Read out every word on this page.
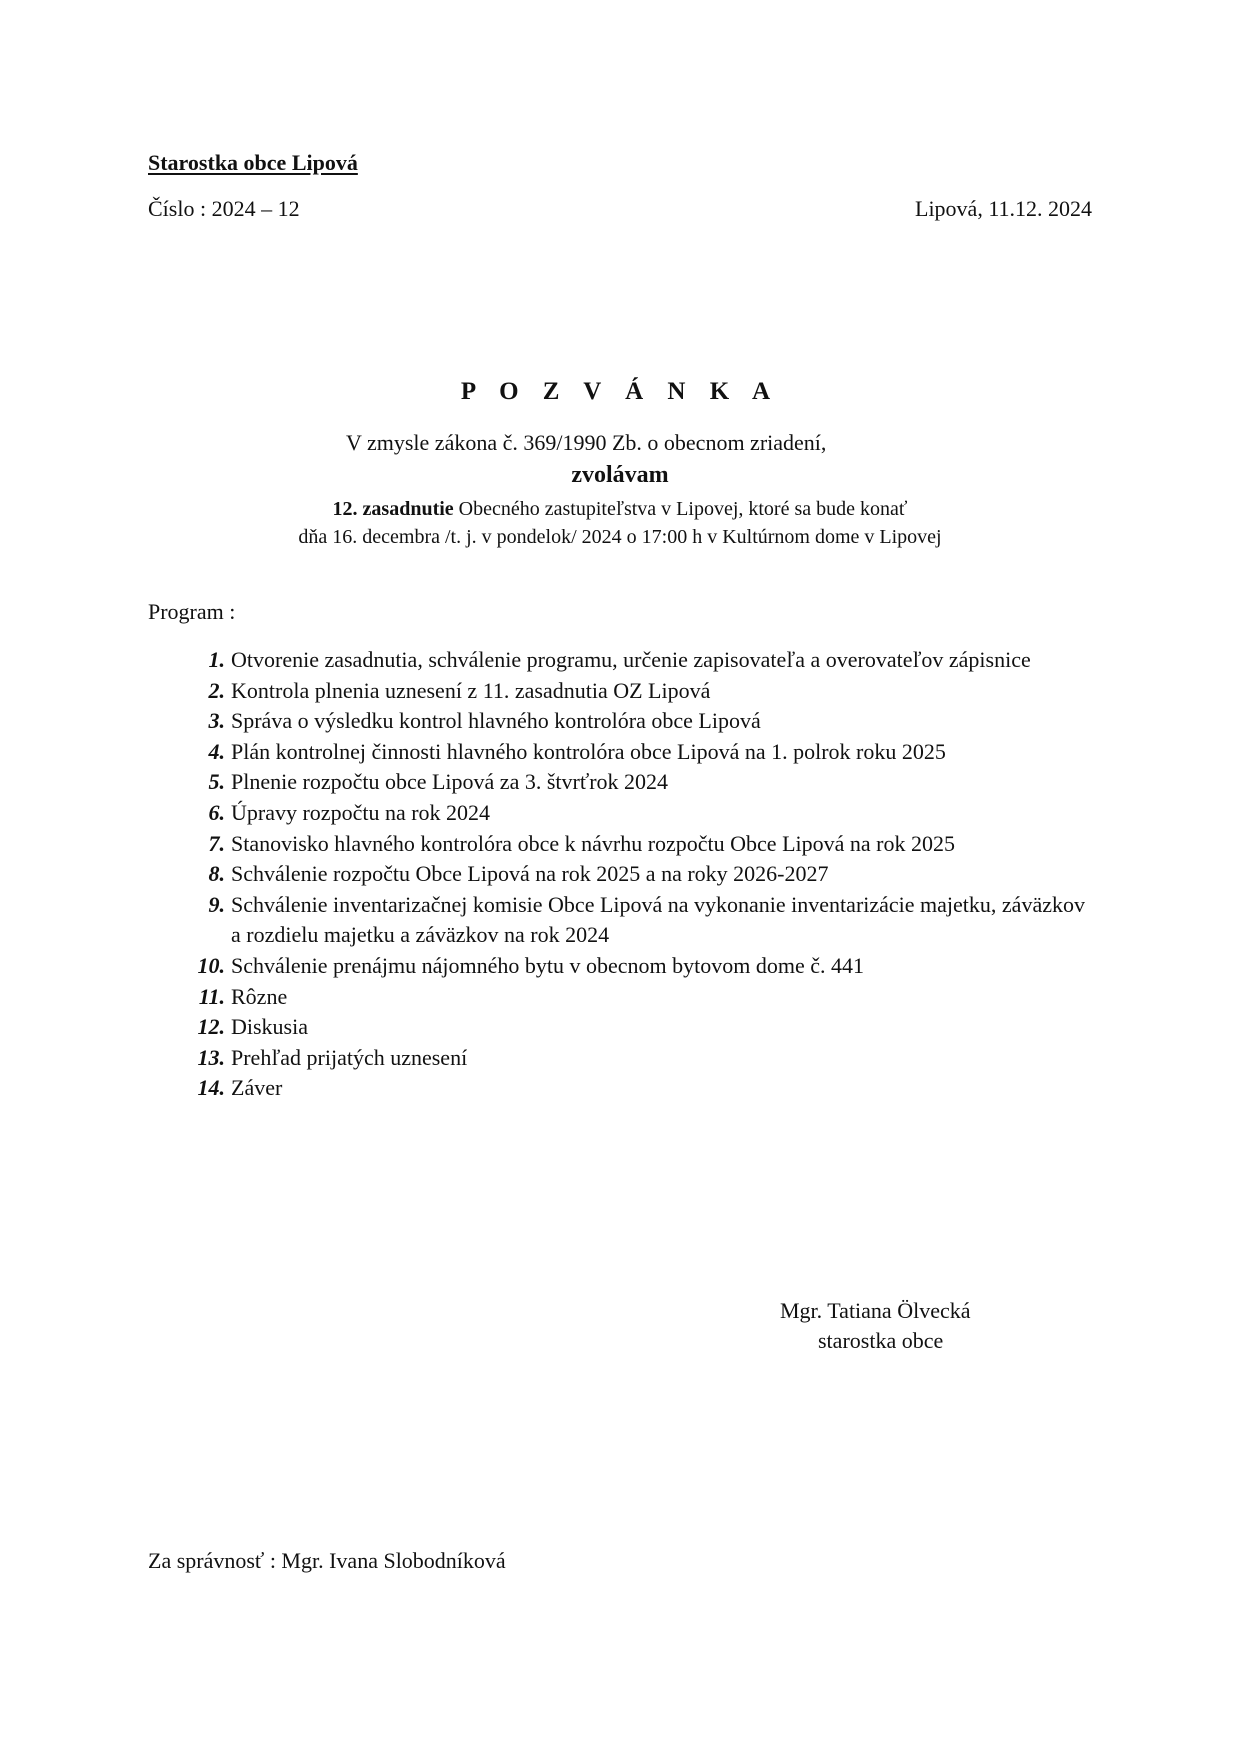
Starostka obce Lipová
Číslo : 2024 – 12	Lipová, 11.12. 2024
P O Z V Á N K A
V zmysle zákona č. 369/1990 Zb. o obecnom zriadení,
zvolávam
12. zasadnutie Obecného zastupiteľstva v Lipovej, ktoré sa bude konať
dňa 16. decembra /t. j. v pondelok/ 2024 o 17:00 h v Kultúrnom dome v Lipovej
Program :
1. Otvorenie zasadnutia, schválenie programu, určenie zapisovateľa a overovateľov zápisnice
2. Kontrola plnenia uznesení z 11. zasadnutia OZ Lipová
3. Správa o výsledku kontrol hlavného kontrolóra obce Lipová
4. Plán kontrolnej činnosti hlavného kontrolóra obce Lipová na 1. polrok roku 2025
5. Plnenie rozpočtu obce Lipová za 3. štvrťrok 2024
6. Úpravy rozpočtu na rok 2024
7. Stanovisko hlavného kontrolóra obce k návrhu rozpočtu Obce Lipová na rok 2025
8. Schválenie rozpočtu Obce Lipová na rok 2025 a na roky 2026-2027
9. Schválenie inventarizačnej komisie Obce Lipová na vykonanie inventarizácie majetku, záväzkov a rozdielu majetku a záväzkov na rok 2024
10. Schválenie prenájmu nájomného bytu v obecnom bytovom dome č. 441
11. Rôzne
12. Diskusia
13. Prehľad prijatých uznesení
14. Záver
Mgr. Tatiana Ölvecká
starostka obce
Za správnosť : Mgr. Ivana Slobodníková
